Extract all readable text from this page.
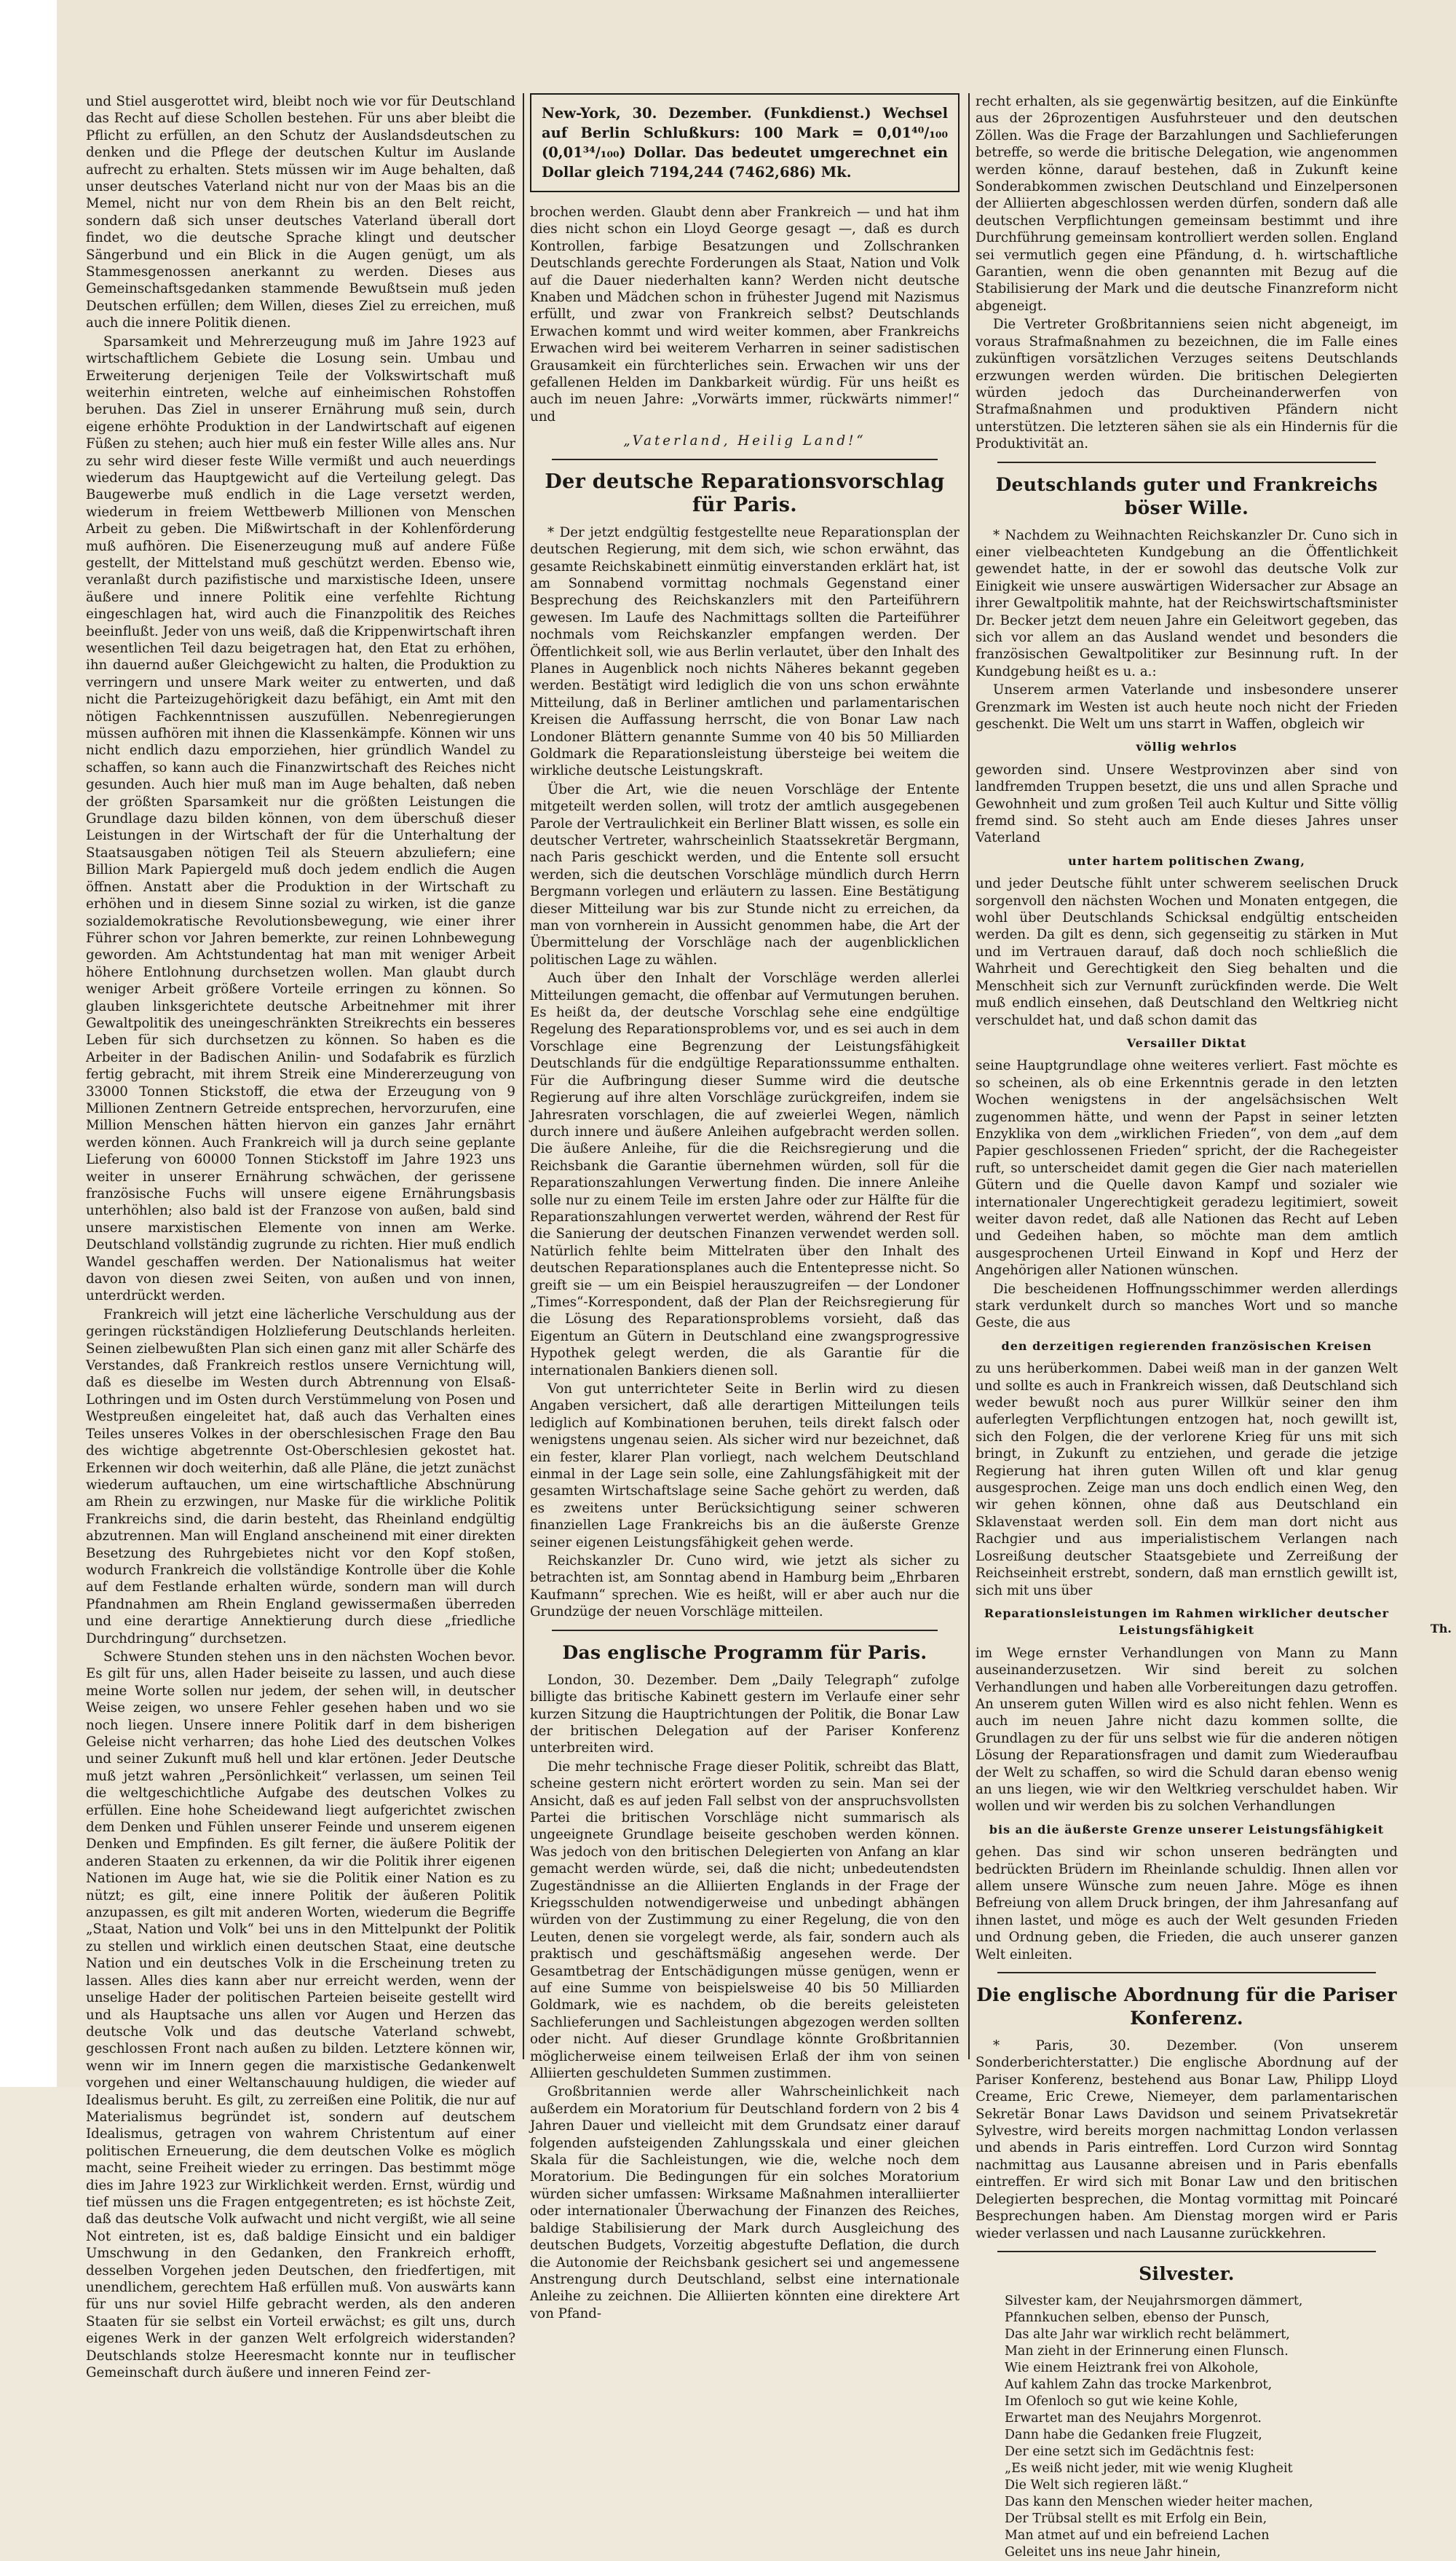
und Stiel ausgerottet wird, bleibt noch wie vor für Deutschland das Recht auf diese Schollen bestehen. Für uns aber bleibt die Pflicht zu erfüllen, an den Schutz der Auslandsdeutschen zu denken und die Pflege der deutschen Kultur im Auslande aufrecht zu erhalten. Stets müssen wir im Auge behalten, daß unser deutsches Vaterland nicht nur von der Maas bis an die Memel, nicht nur von dem Rhein bis an den Belt reicht, sondern daß sich unser deutsches Vaterland überall dort findet, wo die deutsche Sprache klingt und deutscher Sängerbund und ein Blick in die Augen genügt, um als Stammesgenossen anerkannt zu werden. Dieses aus Gemeinschaftsgedanken stammende Bewußtsein muß jeden Deutschen erfüllen; dem Willen, dieses Ziel zu erreichen, muß auch die innere Politik dienen.

Sparsamkeit und Mehrerzeugung muß im Jahre 1923 auf wirtschaftlichem Gebiete die Losung sein. Umbau und Erweiterung derjenigen Teile der Volkswirtschaft muß weiterhin eintreten, welche auf einheimischen Rohstoffen beruhen. Das Ziel in unserer Ernährung muß sein, durch eigene erhöhte Produktion in der Landwirtschaft auf eigenen Füßen zu stehen; auch hier muß ein fester Wille alles ans. Nur zu sehr wird dieser feste Wille vermißt und auch neuerdings wiederum das Hauptgewicht auf die Verteilung gelegt. Das Baugewerbe muß endlich in die Lage versetzt werden, wiederum in freiem Wettbewerb Millionen von Menschen Arbeit zu geben. Die Mißwirtschaft in der Kohlenförderung muß aufhören. Die Eisenerzeugung muß auf andere Füße gestellt, der Mittelstand muß geschützt werden. Ebenso wie, veranlaßt durch pazifistische und marxistische Ideen, unsere äußere und innere Politik eine verfehlte Richtung eingeschlagen hat, wird auch die Finanzpolitik des Reiches beeinflußt. Jeder von uns weiß, daß die Krippenwirtschaft ihren wesentlichen Teil dazu beigetragen hat, den Etat zu erhöhen, ihn dauernd außer Gleichgewicht zu halten, die Produktion zu verringern und unsere Mark weiter zu entwerten, und daß nicht die Parteizugehörigkeit dazu befähigt, ein Amt mit den nötigen Fachkenntnissen auszufüllen. Nebenregierungen müssen aufhören mit ihnen die Klassenkämpfe. Können wir uns nicht endlich dazu emporziehen, hier gründlich Wandel zu schaffen, so kann auch die Finanzwirtschaft des Reiches nicht gesunden. Auch hier muß man im Auge behalten, daß neben der größten Sparsamkeit nur die größten Leistungen die Grundlage dazu bilden können, von dem überschuß dieser Leistungen in der Wirtschaft der für die Unterhaltung der Staatsausgaben nötigen Teil als Steuern abzuliefern; eine Billion Mark Papiergeld muß doch jedem endlich die Augen öffnen. Anstatt aber die Produktion in der Wirtschaft zu erhöhen und in diesem Sinne sozial zu wirken, ist die ganze sozialdemokratische Revolutionsbewegung, wie einer ihrer Führer schon vor Jahren bemerkte, zur reinen Lohnbewegung geworden. Am Achtstundentag hat man mit weniger Arbeit höhere Entlohnung durchsetzen wollen. Man glaubt durch weniger Arbeit größere Vorteile erringen zu können. So glauben linksgerichtete deutsche Arbeitnehmer mit ihrer Gewaltpolitik des uneingeschränkten Streikrechts ein besseres Leben für sich durchsetzen zu können. So haben es die Arbeiter in der Badischen Anilin- und Sodafabrik es fürzlich fertig gebracht, mit ihrem Streik eine Mindererzeugung von 33000 Tonnen Stickstoff, die etwa der Erzeugung von 9 Millionen Zentnern Getreide entsprechen, hervorzurufen, eine Million Menschen hätten hiervon ein ganzes Jahr ernährt werden können. Auch Frankreich will ja durch seine geplante Lieferung von 60000 Tonnen Stickstoff im Jahre 1923 uns weiter in unserer Ernährung schwächen, der gerissene französische Fuchs will unsere eigene Ernährungsbasis unterhöhlen; also bald ist der Franzose von außen, bald sind unsere marxistischen Elemente von innen am Werke. Deutschland vollständig zugrunde zu richten. Hier muß endlich Wandel geschaffen werden. Der Nationalismus hat weiter davon von diesen zwei Seiten, von außen und von innen, unterdrückt werden.

Frankreich will jetzt eine lächerliche Verschuldung aus der geringen rückständigen Holzlieferung Deutschlands herleiten. Seinen zielbewußten Plan sich einen ganz mit aller Schärfe des Verstandes, daß Frankreich restlos unsere Vernichtung will, daß es dieselbe im Westen durch Abtrennung von Elsaß-Lothringen und im Osten durch Verstümmelung von Posen und Westpreußen eingeleitet hat, daß auch das Verhalten eines Teiles unseres Volkes in der oberschlesischen Frage den Bau des wichtige abgetrennte Ost-Oberschlesien gekostet hat. Erkennen wir doch weiterhin, daß alle Pläne, die jetzt zunächst wiederum auftauchen, um eine wirtschaftliche Abschnürung am Rhein zu erzwingen, nur Maske für die wirkliche Politik Frankreichs sind, die darin besteht, das Rheinland endgültig abzutrennen. Man will England anscheinend mit einer direkten Besetzung des Ruhrgebietes nicht vor den Kopf stoßen, wodurch Frankreich die vollständige Kontrolle über die Kohle auf dem Festlande erhalten würde, sondern man will durch Pfandnahmen am Rhein England gewissermaßen überreden und eine derartige Annektierung durch diese „friedliche Durchdringung“ durchsetzen.

Schwere Stunden stehen uns in den nächsten Wochen bevor. Es gilt für uns, allen Hader beiseite zu lassen, und auch diese meine Worte sollen nur jedem, der sehen will, in deutscher Weise zeigen, wo unsere Fehler gesehen haben und wo sie noch liegen. Unsere innere Politik darf in dem bisherigen Geleise nicht verharren; das hohe Lied des deutschen Volkes und seiner Zukunft muß hell und klar ertönen. Jeder Deutsche muß jetzt wahren „Persönlichkeit“ verlassen, um seinen Teil die weltgeschichtliche Aufgabe des deutschen Volkes zu erfüllen. Eine hohe Scheidewand liegt aufgerichtet zwischen dem Denken und Fühlen unserer Feinde und unserem eigenen Denken und Empfinden. Es gilt ferner, die äußere Politik der anderen Staaten zu erkennen, da wir die Politik ihrer eigenen Nationen im Auge hat, wie sie die Politik einer Nation es zu nützt; es gilt, eine innere Politik der äußeren Politik anzupassen, es gilt mit anderen Worten, wiederum die Begriffe „Staat, Nation und Volk“ bei uns in den Mittelpunkt der Politik zu stellen und wirklich einen deutschen Staat, eine deutsche Nation und ein deutsches Volk in die Erscheinung treten zu lassen. Alles dies kann aber nur erreicht werden, wenn der unselige Hader der politischen Parteien beiseite gestellt wird und als Hauptsache uns allen vor Augen und Herzen das deutsche Volk und das deutsche Vaterland schwebt, geschlossen Front nach außen zu bilden. Letztere können wir, wenn wir im Innern gegen die marxistische Gedankenwelt vorgehen und einer Weltanschauung huldigen, die wieder auf Idealismus beruht. Es gilt, zu zerreißen eine Politik, die nur auf Materialismus begründet ist, sondern auf deutschem Idealismus, getragen von wahrem Christentum auf einer politischen Erneuerung, die dem deutschen Volke es möglich macht, seine Freiheit wieder zu erringen. Das bestimmt möge dies im Jahre 1923 zur Wirklichkeit werden. Ernst, würdig und tief müssen uns die Fragen entgegentreten; es ist höchste Zeit, daß das deutsche Volk aufwacht und nicht vergißt, wie all seine Not eintreten, ist es, daß baldige Einsicht und ein baldiger Umschwung in den Gedanken, den Frankreich erhofft, desselben Vorgehen jeden Deutschen, den friedfertigen, mit unendlichem, gerechtem Haß erfüllen muß. Von auswärts kann für uns nur soviel Hilfe gebracht werden, als den anderen Staaten für sie selbst ein Vorteil erwächst; es gilt uns, durch eigenes Werk in der ganzen Welt erfolgreich widerstanden? Deutschlands stolze Heeresmacht konnte nur in teuflischer Gemeinschaft durch äußere und inneren Feind zer-

New-York, 30. Dezember. (Funkdienst.) Wechsel auf Berlin Schlußkurs: 100 Mark = 0,01⁴⁰/₁₀₀ (0,01³⁴/₁₀₀) Dollar. Das bedeutet umgerechnet ein Dollar gleich 7194,244 (7462,686) Mk.

brochen werden. Glaubt denn aber Frankreich — und hat ihm dies nicht schon ein Lloyd George gesagt —, daß es durch Kontrollen, farbige Besatzungen und Zollschranken Deutschlands gerechte Forderungen als Staat, Nation und Volk auf die Dauer niederhalten kann? Werden nicht deutsche Knaben und Mädchen schon in frühester Jugend mit Nazismus erfüllt, und zwar von Frankreich selbst? Deutschlands Erwachen kommt und wird weiter kommen, aber Frankreichs Erwachen wird bei weiterem Verharren in seiner sadistischen Grausamkeit ein fürchterliches sein. Erwachen wir uns der gefallenen Helden im Dankbarkeit würdig. Für uns heißt es auch im neuen Jahre: „Vorwärts immer, rückwärts nimmer!“ und

„Vaterland, Heilig Land!“
Der deutsche Reparationsvorschlag für Paris.

* Der jetzt endgültig festgestellte neue Reparationsplan der deutschen Regierung, mit dem sich, wie schon erwähnt, das gesamte Reichskabinett einmütig einverstanden erklärt hat, ist am Sonnabend vormittag nochmals Gegenstand einer Besprechung des Reichskanzlers mit den Parteiführern gewesen. Im Laufe des Nachmittags sollten die Parteiführer nochmals vom Reichskanzler empfangen werden. Der Öffentlichkeit soll, wie aus Berlin verlautet, über den Inhalt des Planes in Augenblick noch nichts Näheres bekannt gegeben werden. Bestätigt wird lediglich die von uns schon erwähnte Mitteilung, daß in Berliner amtlichen und parlamentarischen Kreisen die Auffassung herrscht, die von Bonar Law nach Londoner Blättern genannte Summe von 40 bis 50 Milliarden Goldmark die Reparationsleistung übersteige bei weitem die wirkliche deutsche Leistungskraft.

Über die Art, wie die neuen Vorschläge der Entente mitgeteilt werden sollen, will trotz der amtlich ausgegebenen Parole der Vertraulichkeit ein Berliner Blatt wissen, es solle ein deutscher Vertreter, wahrscheinlich Staatssekretär Bergmann, nach Paris geschickt werden, und die Entente soll ersucht werden, sich die deutschen Vorschläge mündlich durch Herrn Bergmann vorlegen und erläutern zu lassen. Eine Bestätigung dieser Mitteilung war bis zur Stunde nicht zu erreichen, da man von vornherein in Aussicht genommen habe, die Art der Übermittelung der Vorschläge nach der augenblicklichen politischen Lage zu wählen.

Auch über den Inhalt der Vorschläge werden allerlei Mitteilungen gemacht, die offenbar auf Vermutungen beruhen. Es heißt da, der deutsche Vorschlag sehe eine endgültige Regelung des Reparationsproblems vor, und es sei auch in dem Vorschlage eine Begrenzung der Leistungsfähigkeit Deutschlands für die endgültige Reparationssumme enthalten. Für die Aufbringung dieser Summe wird die deutsche Regierung auf ihre alten Vorschläge zurückgreifen, indem sie Jahresraten vorschlagen, die auf zweierlei Wegen, nämlich durch innere und äußere Anleihen aufgebracht werden sollen. Die äußere Anleihe, für die die Reichsregierung und die Reichsbank die Garantie übernehmen würden, soll für die Reparationszahlungen Verwertung finden. Die innere Anleihe solle nur zu einem Teile im ersten Jahre oder zur Hälfte für die Reparationszahlungen verwertet werden, während der Rest für die Sanierung der deutschen Finanzen verwendet werden soll. Natürlich fehlte beim Mittelraten über den Inhalt des deutschen Reparationsplanes auch die Ententepresse nicht. So greift sie — um ein Beispiel herauszugreifen — der Londoner „Times“-Korrespondent, daß der Plan der Reichsregierung für die Lösung des Reparationsproblems vorsieht, daß das Eigentum an Gütern in Deutschland eine zwangsprogressive Hypothek gelegt werden, die als Garantie für die internationalen Bankiers dienen soll.

Von gut unterrichteter Seite in Berlin wird zu diesen Angaben versichert, daß alle derartigen Mitteilungen teils lediglich auf Kombinationen beruhen, teils direkt falsch oder wenigstens ungenau seien. Als sicher wird nur bezeichnet, daß ein fester, klarer Plan vorliegt, nach welchem Deutschland einmal in der Lage sein solle, eine Zahlungsfähigkeit mit der gesamten Wirtschaftslage seine Sache gehört zu werden, daß es zweitens unter Berücksichtigung seiner schweren finanziellen Lage Frankreichs bis an die äußerste Grenze seiner eigenen Leistungsfähigkeit gehen werde.

Reichskanzler Dr. Cuno wird, wie jetzt als sicher zu betrachten ist, am Sonntag abend in Hamburg beim „Ehrbaren Kaufmann“ sprechen. Wie es heißt, will er aber auch nur die Grundzüge der neuen Vorschläge mitteilen.

Das englische Programm für Paris.

London, 30. Dezember. Dem „Daily Telegraph“ zufolge billigte das britische Kabinett gestern im Verlaufe einer sehr kurzen Sitzung die Hauptrichtungen der Politik, die Bonar Law der britischen Delegation auf der Pariser Konferenz unterbreiten wird.

Die mehr technische Frage dieser Politik, schreibt das Blatt, scheine gestern nicht erörtert worden zu sein. Man sei der Ansicht, daß es auf jeden Fall selbst von der anspruchsvollsten Partei die britischen Vorschläge nicht summarisch als ungeeignete Grundlage beiseite geschoben werden können. Was jedoch von den britischen Delegierten von Anfang an klar gemacht werden würde, sei, daß die nicht; unbedeutendsten Zugeständnisse an die Alliierten Englands in der Frage der Kriegsschulden notwendigerweise und unbedingt abhängen würden von der Zustimmung zu einer Regelung, die von den Leuten, denen sie vorgelegt werde, als fair, sondern auch als praktisch und geschäftsmäßig angesehen werde. Der Gesamtbetrag der Entschädigungen müsse genügen, wenn er auf eine Summe von beispielsweise 40 bis 50 Milliarden Goldmark, wie es nachdem, ob die bereits geleisteten Sachlieferungen und Sachleistungen abgezogen werden sollten oder nicht. Auf dieser Grundlage könnte Großbritannien möglicherweise einem teilweisen Erlaß der ihm von seinen Alliierten geschuldeten Summen zustimmen.

Großbritannien werde aller Wahrscheinlichkeit nach außerdem ein Moratorium für Deutschland fordern von 2 bis 4 Jahren Dauer und vielleicht mit dem Grundsatz einer darauf folgenden aufsteigenden Zahlungsskala und einer gleichen Skala für die Sachleistungen, wie die, welche noch dem Moratorium. Die Bedingungen für ein solches Moratorium würden sicher umfassen: Wirksame Maßnahmen interalliierter oder internationaler Überwachung der Finanzen des Reiches, baldige Stabilisierung der Mark durch Ausgleichung des deutschen Budgets, Vorzeitig abgestufte Deflation, die durch die Autonomie der Reichsbank gesichert sei und angemessene Anstrengung durch Deutschland, selbst eine internationale Anleihe zu zeichnen. Die Alliierten könnten eine direktere Art von Pfand-

recht erhalten, als sie gegenwärtig besitzen, auf die Einkünfte aus der 26prozentigen Ausfuhrsteuer und den deutschen Zöllen. Was die Frage der Barzahlungen und Sachlieferungen betreffe, so werde die britische Delegation, wie angenommen werden könne, darauf bestehen, daß in Zukunft keine Sonderabkommen zwischen Deutschland und Einzelpersonen der Alliierten abgeschlossen werden dürfen, sondern daß alle deutschen Verpflichtungen gemeinsam bestimmt und ihre Durchführung gemeinsam kontrolliert werden sollen. England sei vermutlich gegen eine Pfändung, d. h. wirtschaftliche Garantien, wenn die oben genannten mit Bezug auf die Stabilisierung der Mark und die deutsche Finanzreform nicht abgeneigt.

Die Vertreter Großbritanniens seien nicht abgeneigt, im voraus Strafmaßnahmen zu bezeichnen, die im Falle eines zukünftigen vorsätzlichen Verzuges seitens Deutschlands erzwungen werden würden. Die britischen Delegierten würden jedoch das Durcheinanderwerfen von Strafmaßnahmen und produktiven Pfändern nicht unterstützen. Die letzteren sähen sie als ein Hindernis für die Produktivität an.

Deutschlands guter und Frankreichs böser Wille.

* Nachdem zu Weihnachten Reichskanzler Dr. Cuno sich in einer vielbeachteten Kundgebung an die Öffentlichkeit gewendet hatte, in der er sowohl das deutsche Volk zur Einigkeit wie unsere auswärtigen Widersacher zur Absage an ihrer Gewaltpolitik mahnte, hat der Reichswirtschaftsminister Dr. Becker jetzt dem neuen Jahre ein Geleitwort gegeben, das sich vor allem an das Ausland wendet und besonders die französischen Gewaltpolitiker zur Besinnung ruft. In der Kundgebung heißt es u. a.:

Unserem armen Vaterlande und insbesondere unserer Grenzmark im Westen ist auch heute noch nicht der Frieden geschenkt. Die Welt um uns starrt in Waffen, obgleich wir

völlig wehrlos

geworden sind. Unsere Westprovinzen aber sind von landfremden Truppen besetzt, die uns und allen Sprache und Gewohnheit und zum großen Teil auch Kultur und Sitte völlig fremd sind. So steht auch am Ende dieses Jahres unser Vaterland

unter hartem politischen Zwang,

und jeder Deutsche fühlt unter schwerem seelischen Druck sorgenvoll den nächsten Wochen und Monaten entgegen, die wohl über Deutschlands Schicksal endgültig entscheiden werden. Da gilt es denn, sich gegenseitig zu stärken in Mut und im Vertrauen darauf, daß doch noch schließlich die Wahrheit und Gerechtigkeit den Sieg behalten und die Menschheit sich zur Vernunft zurückfinden werde. Die Welt muß endlich einsehen, daß Deutschland den Weltkrieg nicht verschuldet hat, und daß schon damit das

Versailler Diktat

seine Hauptgrundlage ohne weiteres verliert. Fast möchte es so scheinen, als ob eine Erkenntnis gerade in den letzten Wochen wenigstens in der angelsächsischen Welt zugenommen hätte, und wenn der Papst in seiner letzten Enzyklika von dem „wirklichen Frieden“, von dem „auf dem Papier geschlossenen Frieden“ spricht, der die Rachegeister ruft, so unterscheidet damit gegen die Gier nach materiellen Gütern und die Quelle davon Kampf und sozialer wie internationaler Ungerechtigkeit geradezu legitimiert, soweit weiter davon redet, daß alle Nationen das Recht auf Leben und Gedeihen haben, so möchte man dem amtlich ausgesprochenen Urteil Einwand in Kopf und Herz der Angehörigen aller Nationen wünschen.

Die bescheidenen Hoffnungsschimmer werden allerdings stark verdunkelt durch so manches Wort und so manche Geste, die aus

den derzeitigen regierenden französischen Kreisen

zu uns herüberkommen. Dabei weiß man in der ganzen Welt und sollte es auch in Frankreich wissen, daß Deutschland sich weder bewußt noch aus purer Willkür seiner den ihm auferlegten Verpflichtungen entzogen hat, noch gewillt ist, sich den Folgen, die der verlorene Krieg für uns mit sich bringt, in Zukunft zu entziehen, und gerade die jetzige Regierung hat ihren guten Willen oft und klar genug ausgesprochen. Zeige man uns doch endlich einen Weg, den wir gehen können, ohne daß aus Deutschland ein Sklavenstaat werden soll. Ein dem man dort nicht aus Rachgier und aus imperialistischem Verlangen nach Losreißung deutscher Staatsgebiete und Zerreißung der Reichseinheit erstrebt, sondern, daß man ernstlich gewillt ist, sich mit uns über

Reparationsleistungen im Rahmen wirklicher deutscher Leistungsfähigkeit

im Wege ernster Verhandlungen von Mann zu Mann auseinanderzusetzen. Wir sind bereit zu solchen Verhandlungen und haben alle Vorbereitungen dazu getroffen. An unserem guten Willen wird es also nicht fehlen. Wenn es auch im neuen Jahre nicht dazu kommen sollte, die Grundlagen zu der für uns selbst wie für die anderen nötigen Lösung der Reparationsfragen und damit zum Wiederaufbau der Welt zu schaffen, so wird die Schuld daran ebenso wenig an uns liegen, wie wir den Weltkrieg verschuldet haben. Wir wollen und wir werden bis zu solchen Verhandlungen

bis an die äußerste Grenze unserer Leistungsfähigkeit

gehen. Das sind wir schon unseren bedrängten und bedrückten Brüdern im Rheinlande schuldig. Ihnen allen vor allem unsere Wünsche zum neuen Jahre. Möge es ihnen Befreiung von allem Druck bringen, der ihm Jahresanfang auf ihnen lastet, und möge es auch der Welt gesunden Frieden und Ordnung geben, die Frieden, die auch unserer ganzen Welt einleiten.

Die englische Abordnung für die Pariser Konferenz.

* Paris, 30. Dezember. (Von unserem Sonderberichterstatter.) Die englische Abordnung auf der Pariser Konferenz, bestehend aus Bonar Law, Philipp Lloyd Creame, Eric Crewe, Niemeyer, dem parlamentarischen Sekretär Bonar Laws Davidson und seinem Privatsekretär Sylvestre, wird bereits morgen nachmittag London verlassen und abends in Paris eintreffen. Lord Curzon wird Sonntag nachmittag aus Lausanne abreisen und in Paris ebenfalls eintreffen. Er wird sich mit Bonar Law und den britischen Delegierten besprechen, die Montag vormittag mit Poincaré Besprechungen haben. Am Dienstag morgen wird er Paris wieder verlassen und nach Lausanne zurückkehren.

Silvester.
Silvester kam, der Neujahrsmorgen dämmert,
Pfannkuchen selben, ebenso der Punsch,
Das alte Jahr war wirklich recht belämmert,
Man zieht in der Erinnerung einen Flunsch.
Wie einem Heiztrank frei von Alkohole,
Auf kahlem Zahn das trocke Markenbrot,
Im Ofenloch so gut wie keine Kohle,
Erwartet man des Neujahrs Morgenrot.
Dann habe die Gedanken freie Flugzeit,
Der eine setzt sich im Gedächtnis fest:
„Es weiß nicht jeder, mit wie wenig Klugheit
Die Welt sich regieren läßt.“
Das kann den Menschen wieder heiter machen,
Der Trübsal stellt es mit Erfolg ein Bein,
Man atmet auf und ein befreiend Lachen
Geleitet uns ins neue Jahr hinein,
Th.
